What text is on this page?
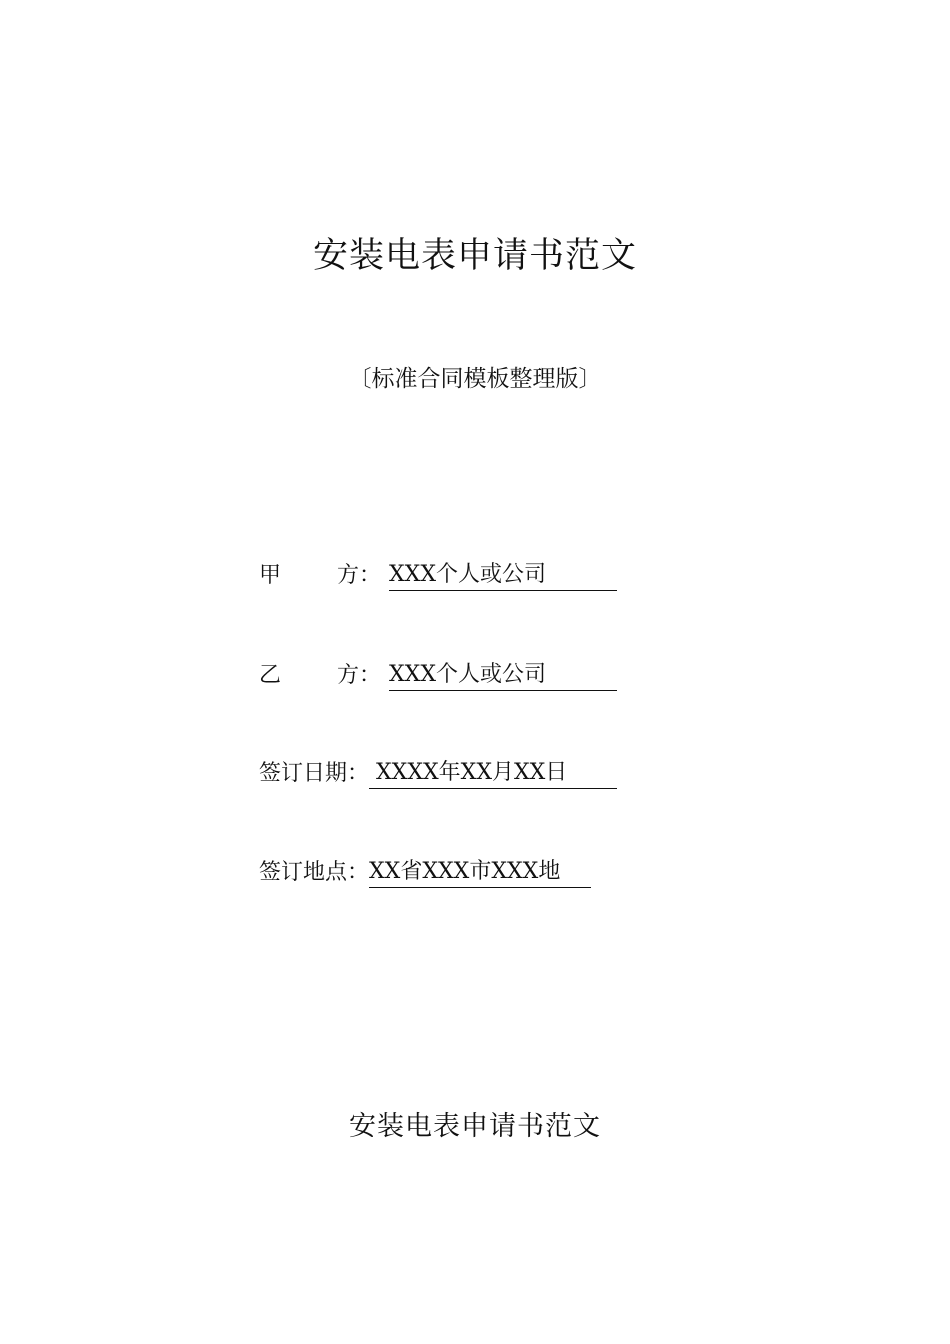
安装电表申请书范文

〔标准合同模板整理版〕

甲	方： XXX个人或公司
乙	方： XXX个人或公司
签订日期： XXXX年XX月XX日
签订地点：XX省XXX市XXX地

安装电表申请书范文
